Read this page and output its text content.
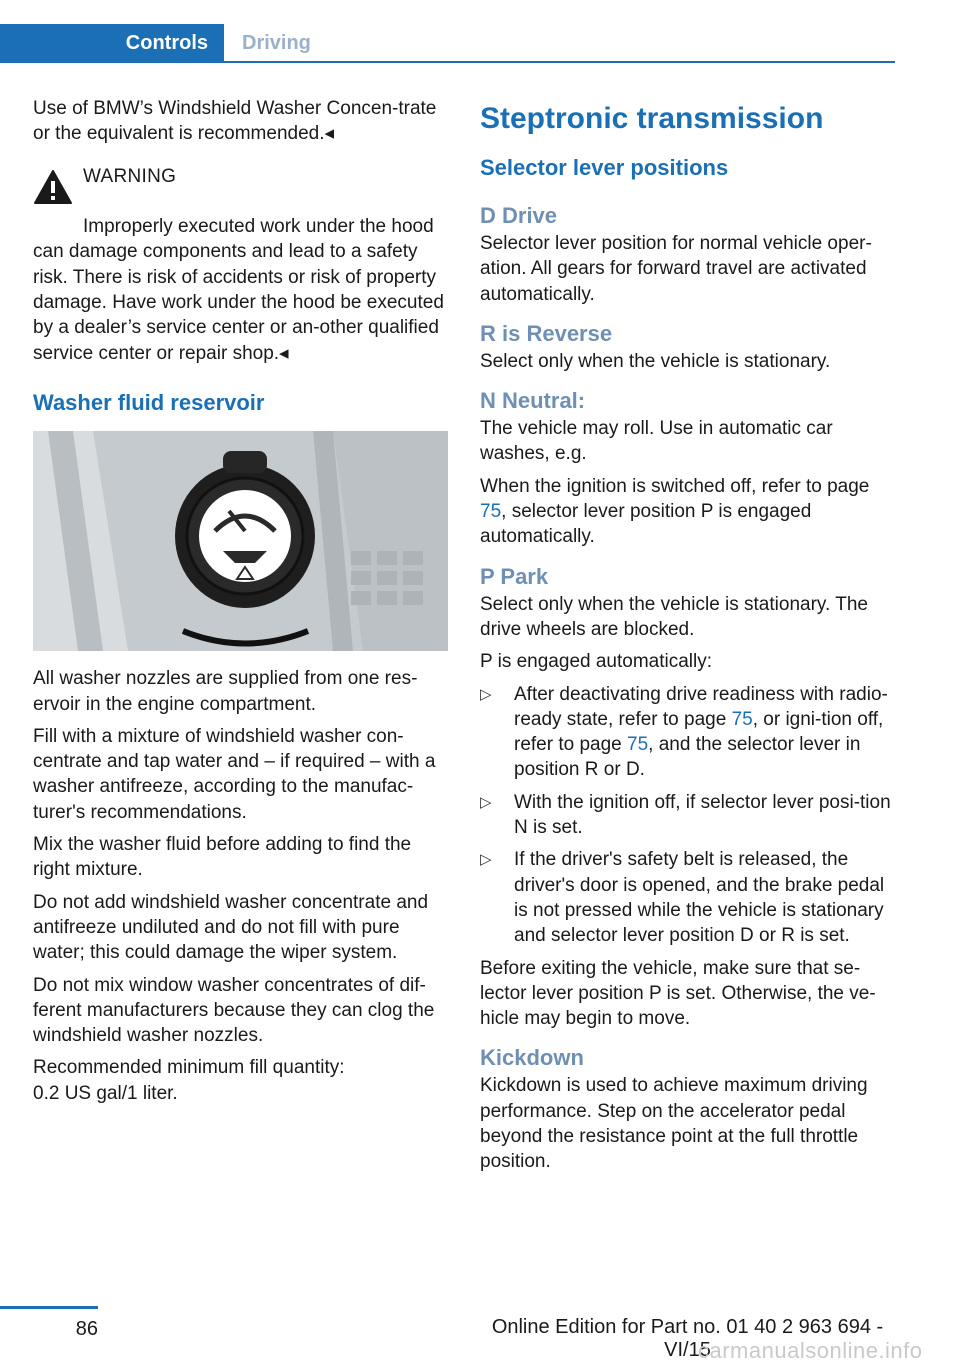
Controls	Driving

Use of BMW’s Windshield Washer Concen-trate or the equivalent is recommended.◂

WARNING

Improperly executed work under the hood can damage components and lead to a safety risk. There is risk of accidents or risk of property damage. Have work under the hood be executed by a dealer’s service center or an-other qualified service center or repair shop.◂

Washer fluid reservoir

All washer nozzles are supplied from one res-ervoir in the engine compartment.

Fill with a mixture of windshield washer con-centrate and tap water and – if required – with a washer antifreeze, according to the manufac-turer's recommendations.

Mix the washer fluid before adding to find the right mixture.

Do not add windshield washer concentrate and antifreeze undiluted and do not fill with pure water; this could damage the wiper system.

Do not mix window washer concentrates of dif-ferent manufacturers because they can clog the windshield washer nozzles.

Recommended minimum fill quantity:
0.2 US gal/1 liter.
Steptronic transmission
Selector lever positions
D Drive

Selector lever position for normal vehicle oper-ation. All gears for forward travel are activated automatically.

R is Reverse

Select only when the vehicle is stationary.

N Neutral:

The vehicle may roll. Use in automatic car washes, e.g.

When the ignition is switched off, refer to page 75, selector lever position P is engaged automatically.

P Park

Select only when the vehicle is stationary. The drive wheels are blocked.

P is engaged automatically:

▷ After deactivating drive readiness with radio-ready state, refer to page 75, or igni-tion off, refer to page 75, and the selector lever in position R or D.
▷ With the ignition off, if selector lever posi-tion N is set.
▷ If the driver's safety belt is released, the driver's door is opened, and the brake pedal is not pressed while the vehicle is stationary and selector lever position D or R is set.

Before exiting the vehicle, make sure that se-lector lever position P is set. Otherwise, the ve-hicle may begin to move.

Kickdown

Kickdown is used to achieve maximum driving performance. Step on the accelerator pedal beyond the resistance point at the full throttle position.

86	Online Edition for Part no. 01 40 2 963 694 - VI/15
carmanualsonline.info
